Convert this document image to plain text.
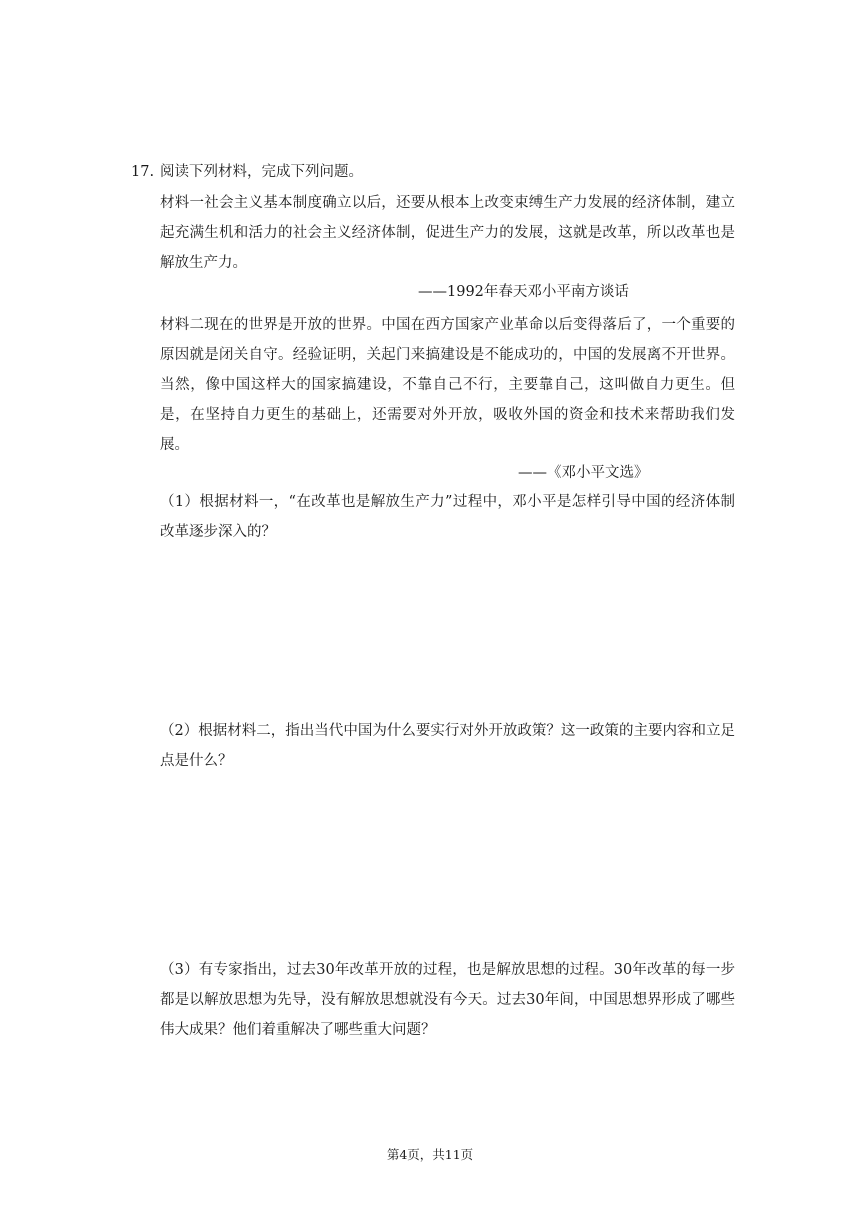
17. 阅读下列材料，完成下列问题。
材料一社会主义基本制度确立以后，还要从根本上改变束缚生产力发展的经济体制，建立起充满生机和活力的社会主义经济体制，促进生产力的发展，这就是改革，所以改革也是解放生产力。
——1992年春天邓小平南方谈话
材料二现在的世界是开放的世界。中国在西方国家产业革命以后变得落后了，一个重要的原因就是闭关自守。经验证明，关起门来搞建设是不能成功的，中国的发展离不开世界。当然，像中国这样大的国家搞建设，不靠自己不行，主要靠自己，这叫做自力更生。但是，在坚持自力更生的基础上，还需要对外开放，吸收外国的资金和技术来帮助我们发展。
——《邓小平文选》
（1）根据材料一，“在改革也是解放生产力”过程中，邓小平是怎样引导中国的经济体制改革逐步深入的？
（2）根据材料二，指出当代中国为什么要实行对外开放政策？这一政策的主要内容和立足点是什么？
（3）有专家指出，过去30年改革开放的过程，也是解放思想的过程。30年改革的每一步都是以解放思想为先导，没有解放思想就没有今天。过去30年间，中国思想界形成了哪些伟大成果？他们着重解决了哪些重大问题？
第4页，共11页
